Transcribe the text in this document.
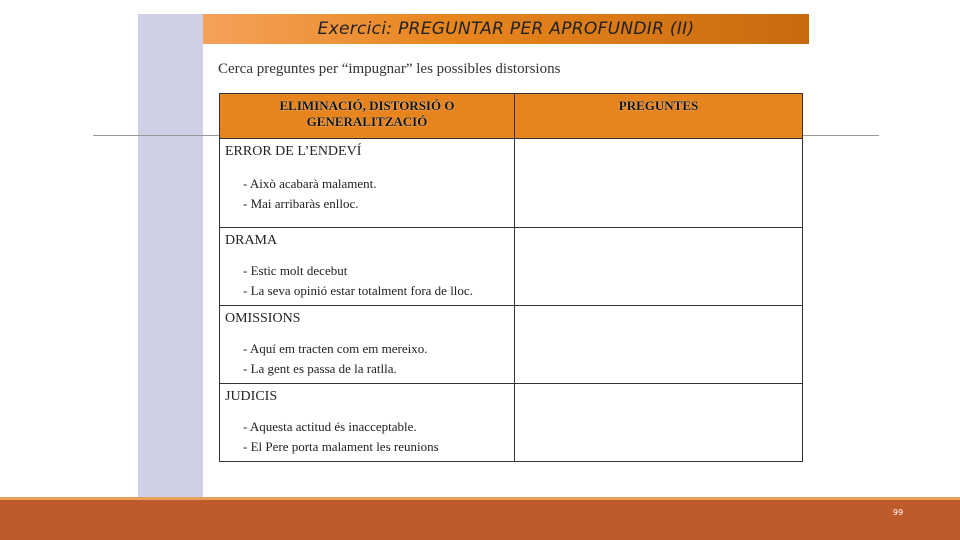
Exercici: PREGUNTAR PER APROFUNDIR (II)
Cerca preguntes per “impugnar” les possibles distorsions
ELIMINACIÓ, DISTORSIÓ O GENERALITZACIÓ	PREGUNTES

ERROR DE L’ENDEVÍ
- Això acabarà malament.
- Mai arribaràs enlloc.	

DRAMA
- Estic molt decebut
- La seva opinió estar totalment fora de lloc.	

OMISSIONS
- Aquí em tracten com em mereixo.
- La gent es passa de la ratlla.	

JUDICIS
- Aquesta actitud és inacceptable.
- El Pere porta malament les reunions	

99
